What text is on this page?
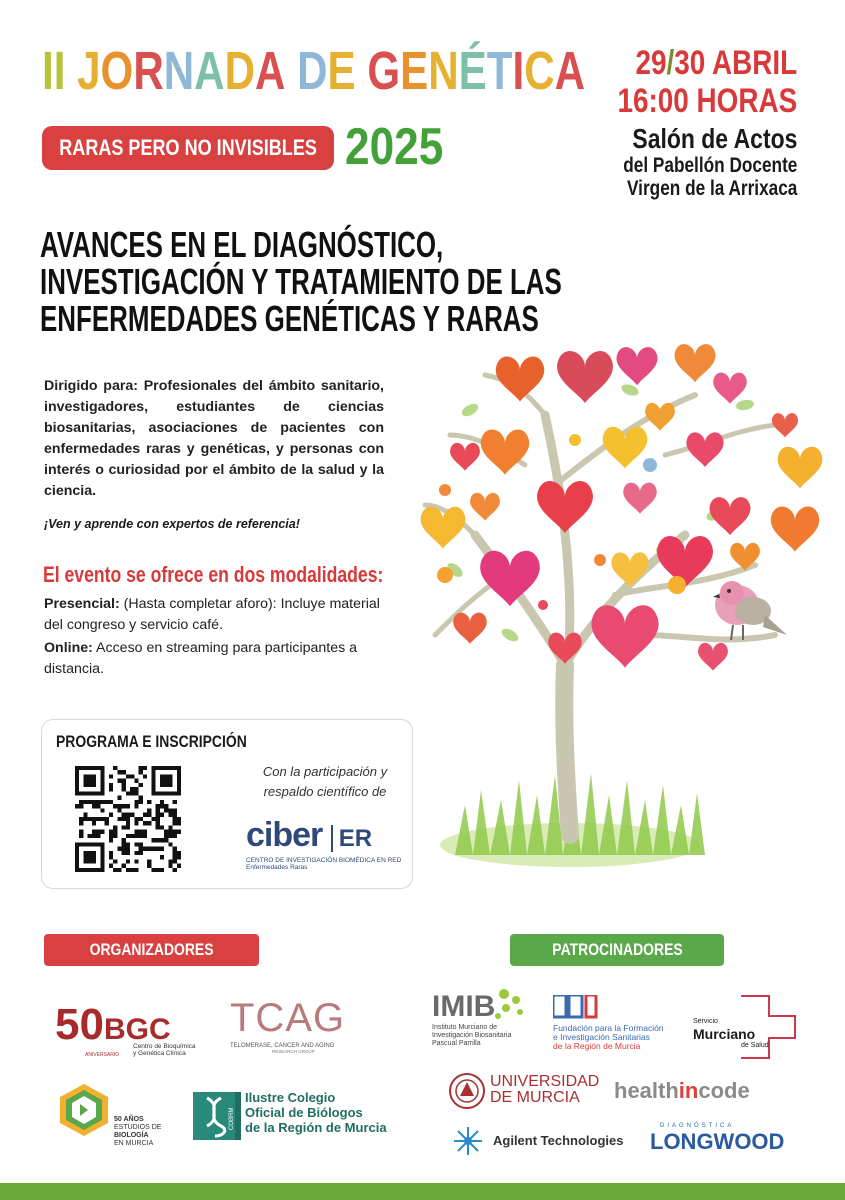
II JORNADA DE GENÉTICA
RARAS PERO NO INVISIBLES 2025
29/30 ABRIL
16:00 HORAS
Salón de Actos
del Pabellón Docente
Virgen de la Arrixaca
AVANCES EN EL DIAGNÓSTICO,
INVESTIGACIÓN Y TRATAMIENTO DE LAS
ENFERMEDADES GENÉTICAS Y RARAS
Dirigido para: Profesionales del ámbito sanitario, investigadores, estudiantes de ciencias biosanitarias, asociaciones de pacientes con enfermedades raras y genéticas, y personas con interés o curiosidad por el ámbito de la salud y la ciencia.
¡Ven y aprende con expertos de referencia!
El evento se ofrece en dos modalidades:
Presencial: (Hasta completar aforo): Incluye material del congreso y servicio café.
Online: Acceso en streaming para participantes a distancia.
PROGRAMA E INSCRIPCIÓN
Con la participación y respaldo científico de
ciber ER
CENTRO DE INVESTIGACIÓN BIOMÉDICA EN RED
Enfermedades Raras
ORGANIZADORES	PATROCINADORES
50BGC
Centro de Bioquímica
y Genética Clínica
ANIVERSARIO
TCAG
TELOMERASE, CANCER AND AGING
RESEARCH GROUP
50 AÑOS
ESTUDIOS DE
BIOLOGÍA
EN MURCIA
COBRM
Ilustre Colegio
Oficial de Biólogos
de la Región de Murcia
IMIB
Instituto Murciano de
Investigación Biosanitaria
Pascual Parrilla
Fundación para la Formación
e Investigación Sanitarias
de la Región de Murcia
Servicio
Murciano
de Salud
UNIVERSIDAD
DE MURCIA	healthincode
Agilent Technologies
DIAGNÓSTICA
LONGWOOD
